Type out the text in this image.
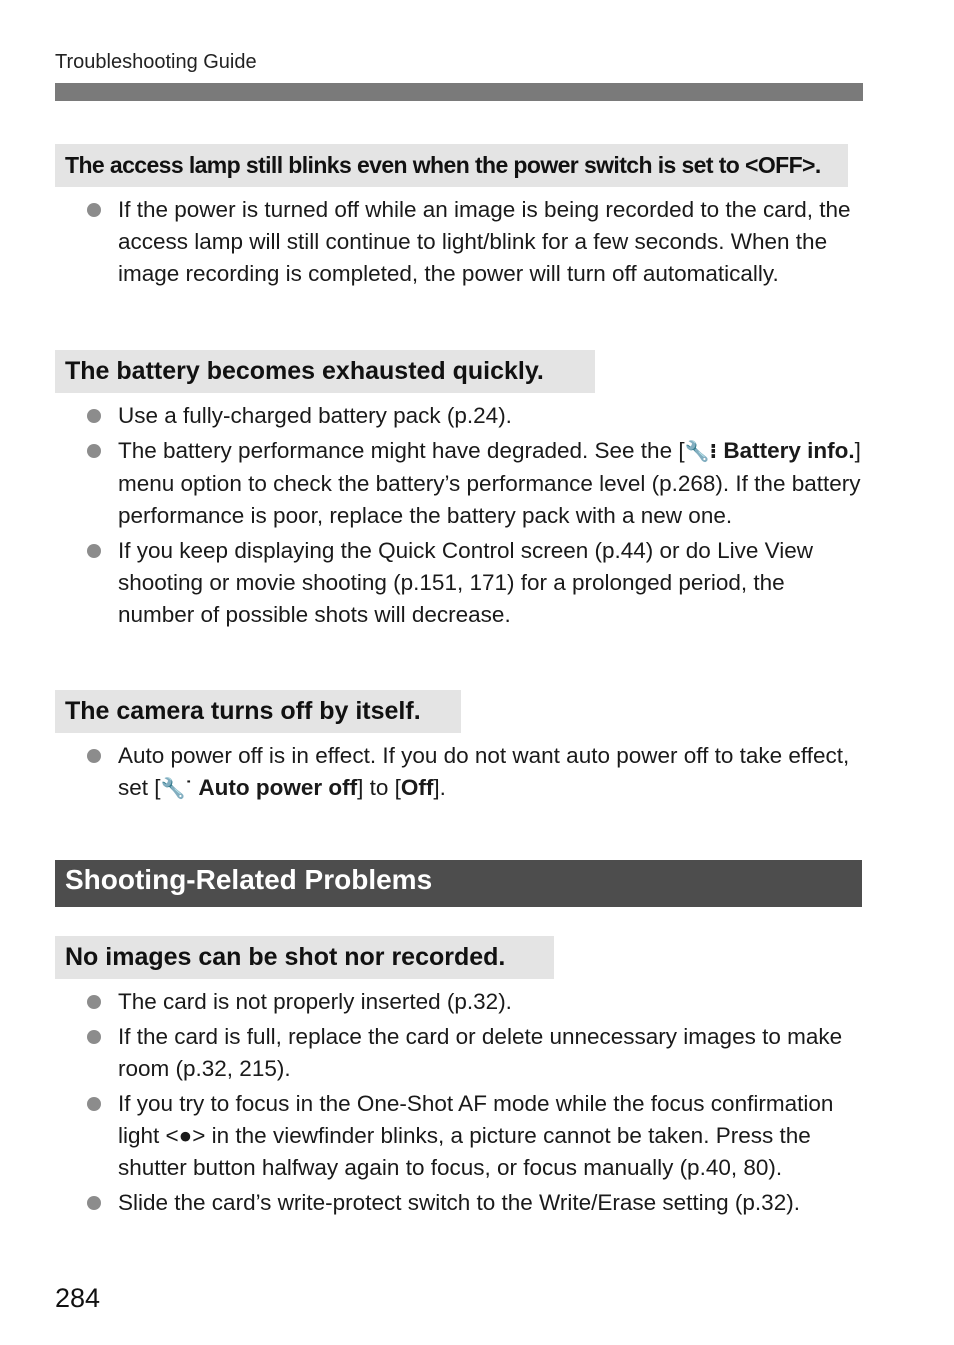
Troubleshooting Guide
The access lamp still blinks even when the power switch is set to <OFF>.
If the power is turned off while an image is being recorded to the card, the access lamp will still continue to light/blink for a few seconds. When the image recording is completed, the power will turn off automatically.
The battery becomes exhausted quickly.
Use a fully-charged battery pack (p.24).
The battery performance might have degraded. See the [🔧⁝ Battery info.] menu option to check the battery’s performance level (p.268). If the battery performance is poor, replace the battery pack with a new one.
If you keep displaying the Quick Control screen (p.44) or do Live View shooting or movie shooting (p.151, 171) for a prolonged period, the number of possible shots will decrease.
The camera turns off by itself.
Auto power off is in effect. If you do not want auto power off to take effect, set [🔧˙ Auto power off] to [Off].
Shooting-Related Problems
No images can be shot nor recorded.
The card is not properly inserted (p.32).
If the card is full, replace the card or delete unnecessary images to make room (p.32, 215).
If you try to focus in the One-Shot AF mode while the focus confirmation light <●> in the viewfinder blinks, a picture cannot be taken. Press the shutter button halfway again to focus, or focus manually (p.40, 80).
Slide the card’s write-protect switch to the Write/Erase setting (p.32).
284
